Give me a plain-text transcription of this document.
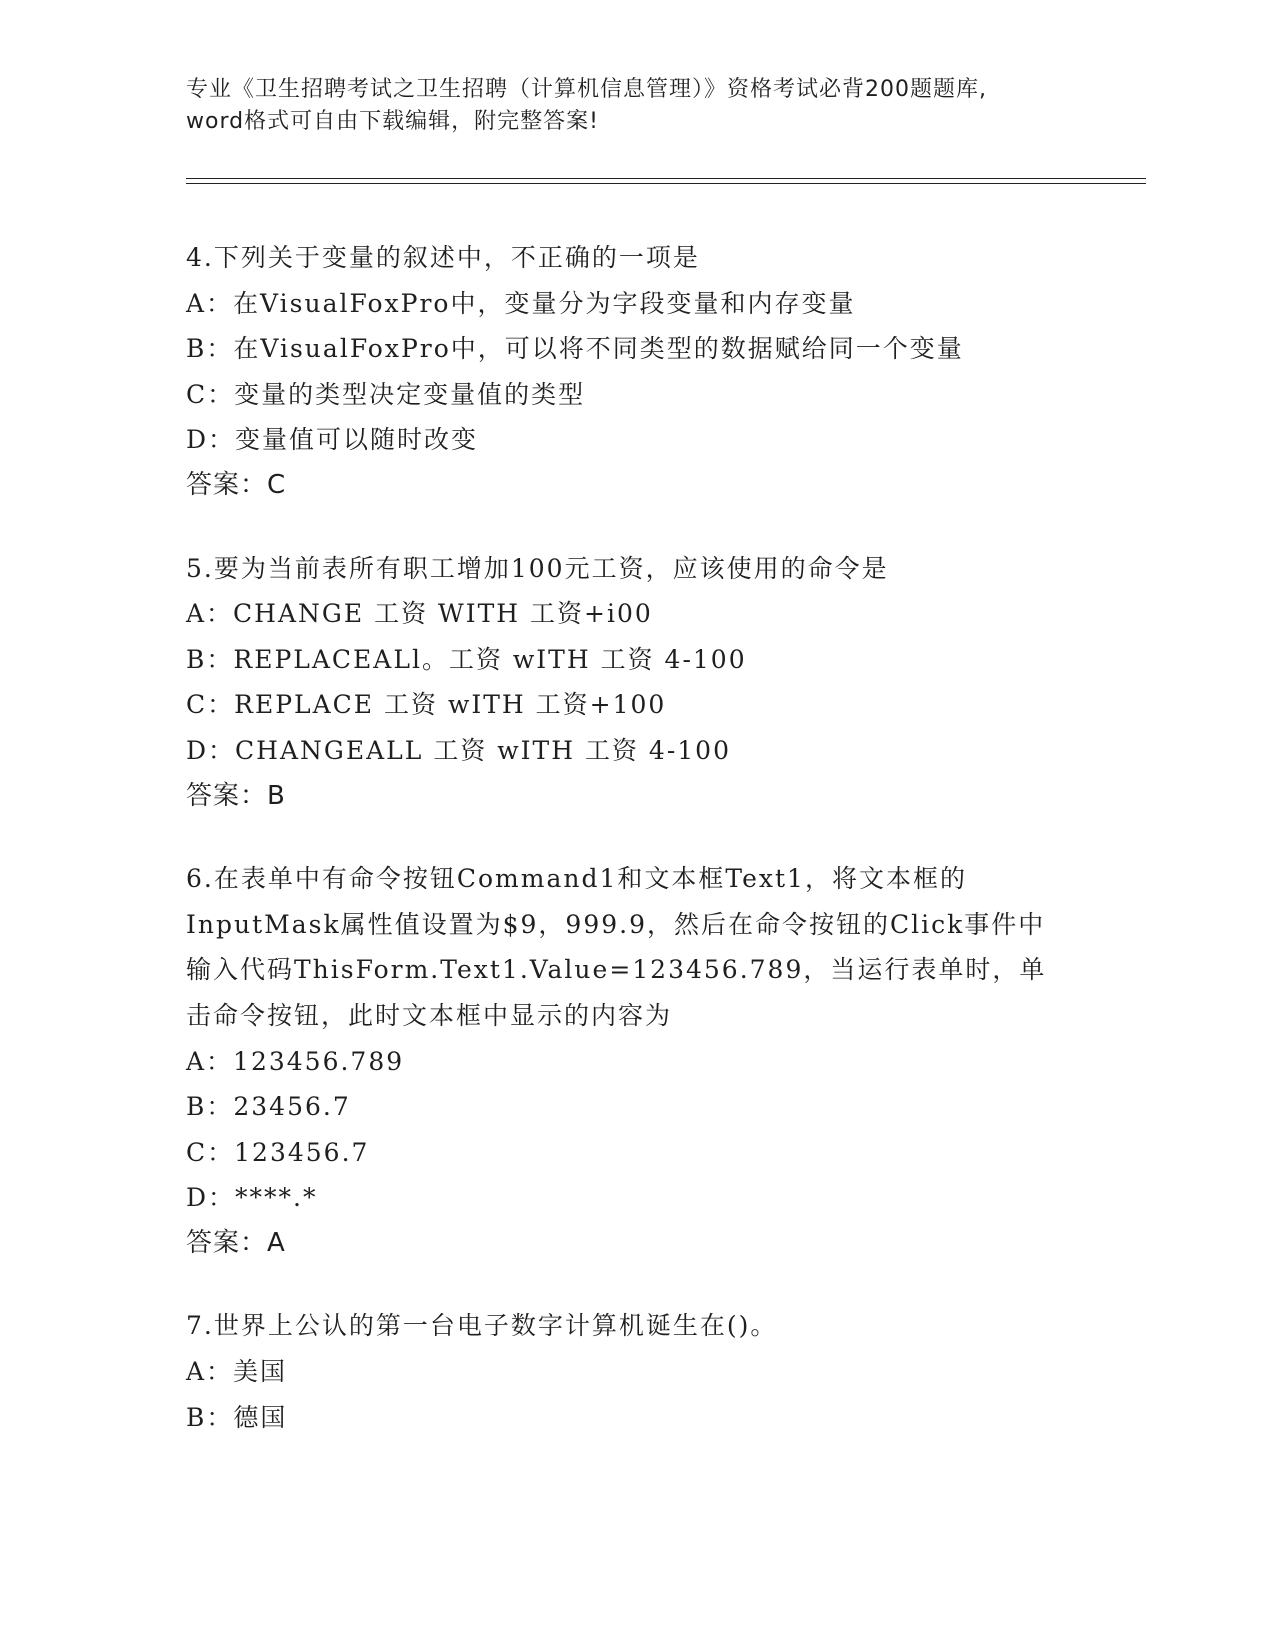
专业《卫生招聘考试之卫生招聘（计算机信息管理）》资格考试必背200题题库,
word格式可自由下载编辑，附完整答案!
4.下列关于变量的叙述中，不正确的一项是
A：在VisualFoxPro中，变量分为字段变量和内存变量
B：在VisualFoxPro中，可以将不同类型的数据赋给同一个变量
C：变量的类型决定变量值的类型
D：变量值可以随时改变
答案：C
5.要为当前表所有职工增加100元工资，应该使用的命令是
A：CHANGE 工资 WITH 工资+i00
B：REPLACEALl。工资 wITH 工资 4-100
C：REPLACE 工资 wITH 工资+100
D：CHANGEALL 工资 wITH 工资 4-100
答案：B
6.在表单中有命令按钮Command1和文本框Text1，将文本框的InputMask属性值设置为$9，999.9，然后在命令按钮的Click事件中输入代码ThisForm.Text1.Value=123456.789，当运行表单时，单击命令按钮，此时文本框中显示的内容为
A：123456.789
B：23456.7
C：123456.7
D：****.*
答案：A
7.世界上公认的第一台电子数字计算机诞生在()。
A：美国
B：德国
